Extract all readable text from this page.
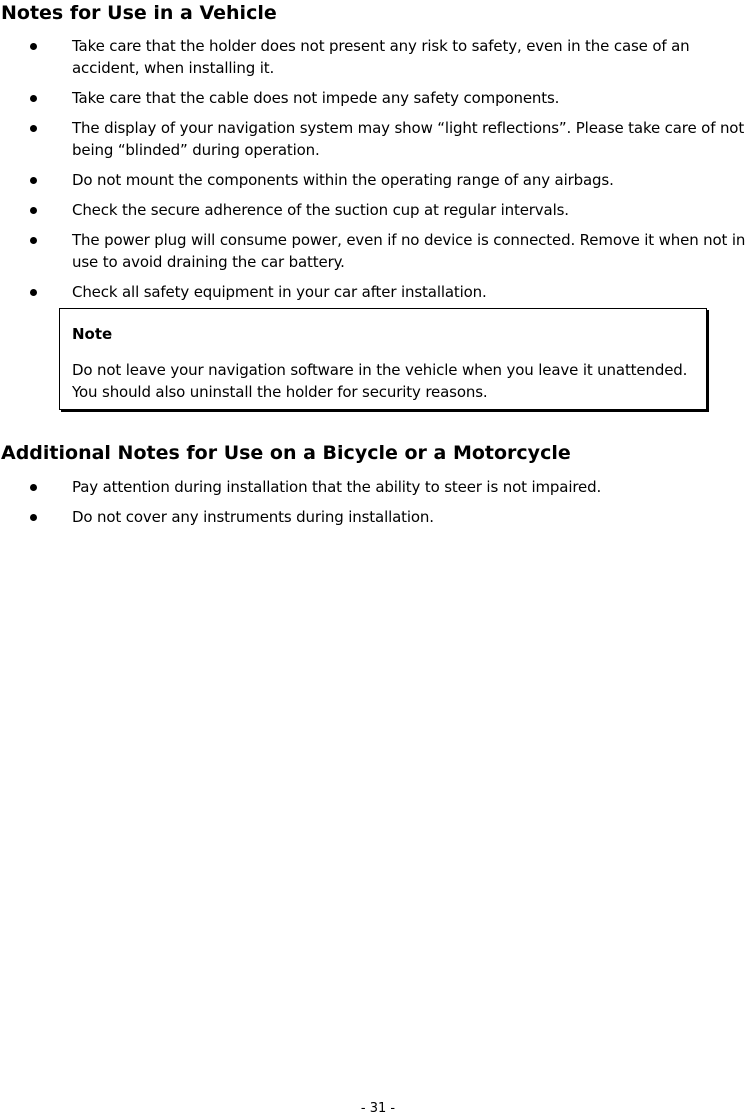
Notes for Use in a Vehicle
Take care that the holder does not present any risk to safety, even in the case of an accident, when installing it.
Take care that the cable does not impede any safety components.
The display of your navigation system may show “light reflections”. Please take care of not being “blinded” during operation.
Do not mount the components within the operating range of any airbags.
Check the secure adherence of the suction cup at regular intervals.
The power plug will consume power, even if no device is connected. Remove it when not in use to avoid draining the car battery.
Check all safety equipment in your car after installation.
Note
Do not leave your navigation software in the vehicle when you leave it unattended. You should also uninstall the holder for security reasons.
Additional Notes for Use on a Bicycle or a Motorcycle
Pay attention during installation that the ability to steer is not impaired.
Do not cover any instruments during installation.
- 31 -
